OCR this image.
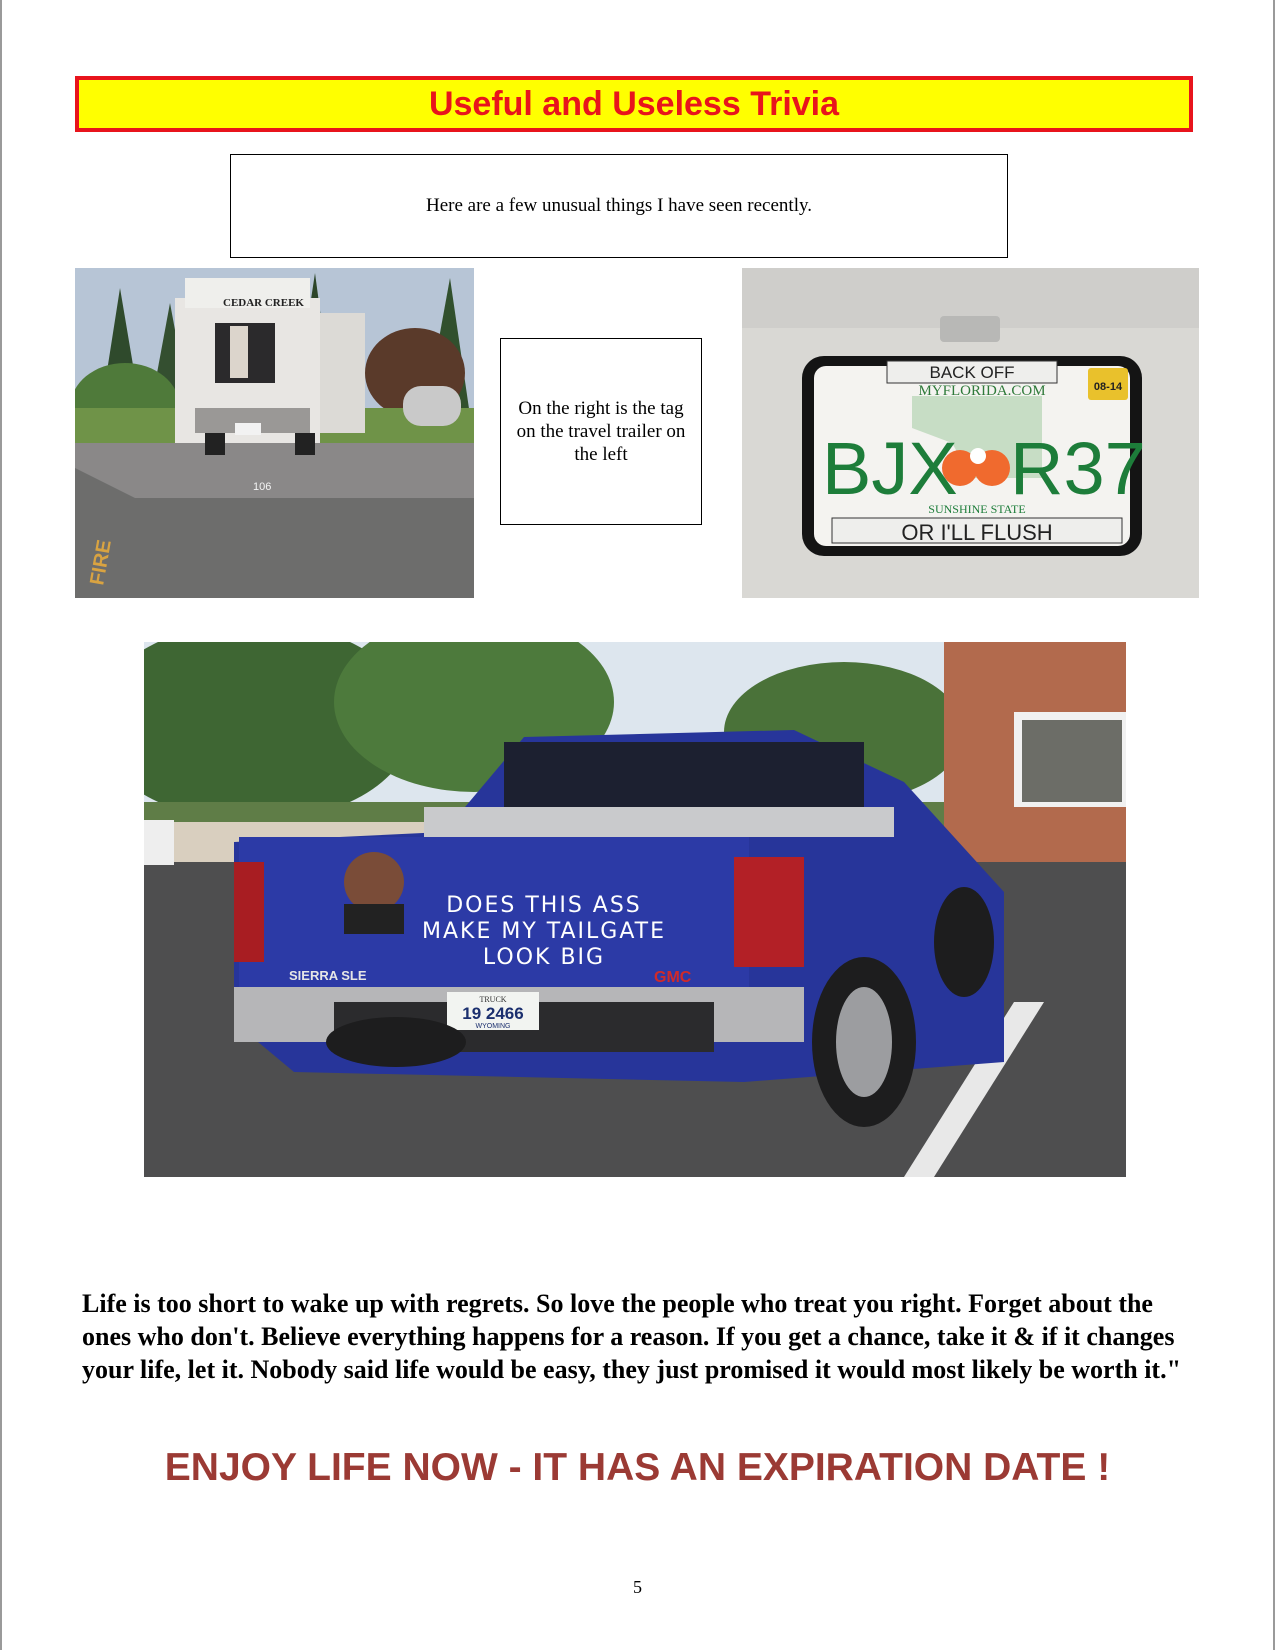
Useful and Useless Trivia
Here are a few unusual things I have seen recently.
CEDAR CREEK
106
FIRE
On the right is the tag on the travel trailer on the left
BACK OFF
OR I'LL FLUSH
MYFLORIDA.COM	08-14
BJX R37
SUNSHINE STATE
DOES THIS ASS
MAKE MY TAILGATE
LOOK BIG
SIERRA SLE	GMC
TRUCK
19 2466
WYOMING
Life is too short to wake up with regrets. So love the people who treat you right. Forget about the ones who don't. Believe everything happens for a reason. If you get a chance, take it & if it changes your life, let it. Nobody said life would be easy, they just promised it would most likely be worth it."
ENJOY LIFE NOW - IT HAS AN EXPIRATION DATE !
5
